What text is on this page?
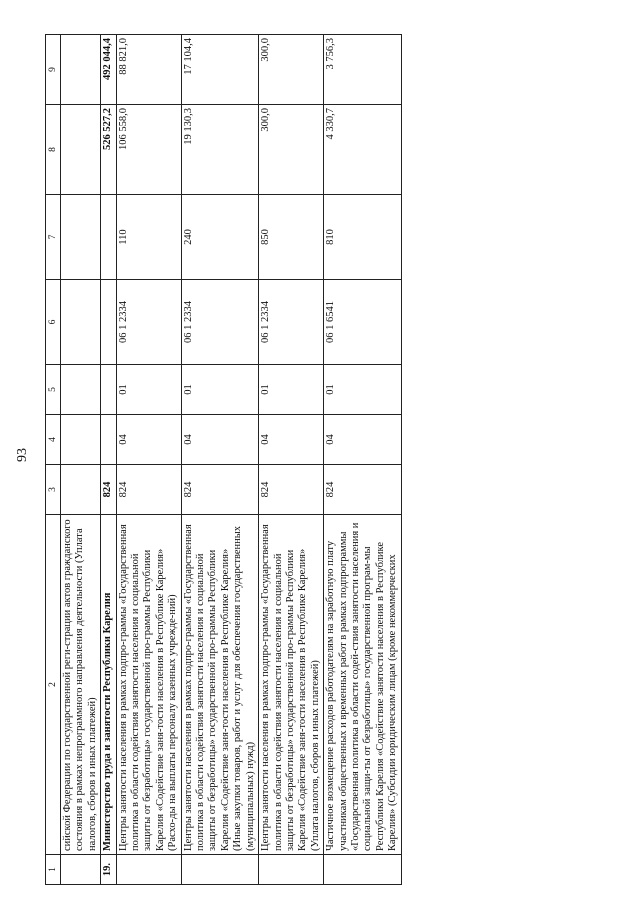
93
1	2	3	4	5	6	7	8	9
	сийской Федерации по государственной реги-страции актов гражданского состояния в рамках непрограммного направления деятельности (Уплата налогов, сборов и иных платежей)							
19.	Министерство труда и занятости Республики Карелия	824					526 527,2	492 044,4
	Центры занятости населения в рамках подпро-граммы «Государственная политика в области содействия занятости населения и социальной защиты от безработицы» государственной про-граммы Республики Карелия «Содействие заня-тости населения в Республике Карелия» (Расхо-ды на выплаты персоналу казенных учрежде-ний)	824	04	01	06 1 2334	110	106 558,0	88 821,0
	Центры занятости населения в рамках подпро-граммы «Государственная политика в области содействия занятости населения и социальной защиты от безработицы» государственной про-граммы Республики Карелия «Содействие заня-тости населения в Республике Карелия» (Иные закупки товаров, работ и услуг для обеспечения государственных (муниципальных) нужд)	824	04	01	06 1 2334	240	19 130,3	17 104,4
	Центры занятости населения в рамках подпро-граммы «Государственная политика в области содействия занятости населения и социальной защиты от безработицы» государственной про-граммы Республики Карелия «Содействие заня-тости населения в Республике Карелия» (Уплата налогов, сборов и иных платежей)	824	04	01	06 1 2334	850	300,0	300,0
	Частичное возмещение расходов работодателям на заработную плату участникам общественных и временных работ в рамках подпрограммы «Государственная политика в области содей-ствия занятости населения и социальной защи-ты от безработицы» государственной програм-мы Республики Карелия «Содействие занятости населения в Республике Карелия» (Субсидии юридическим лицам (кроме некоммерческих	824	04	01	06 1 6541	810	4 330,7	3 756,3
